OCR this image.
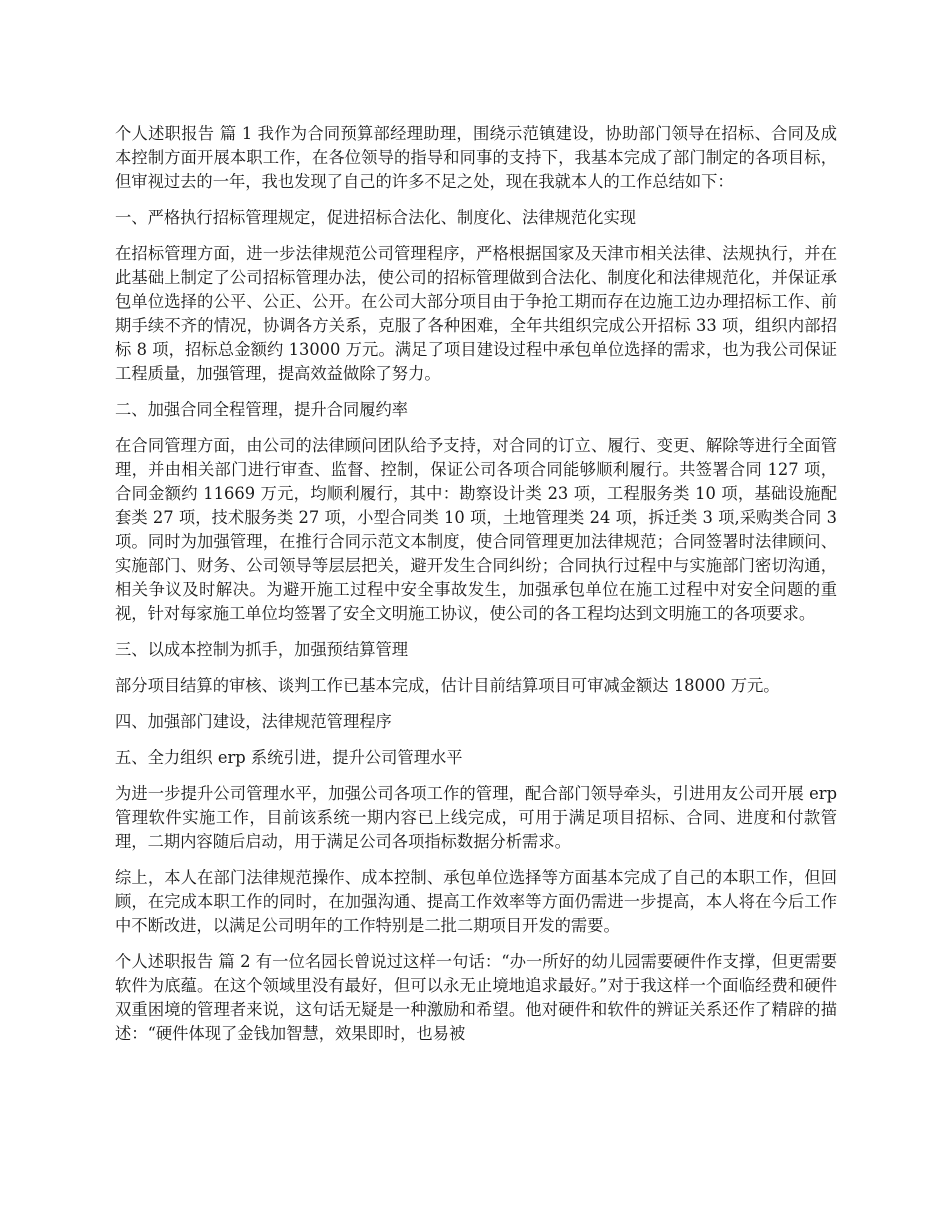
个人述职报告 篇 1 我作为合同预算部经理助理，围绕示范镇建设，协助部门领导在招标、合同及成本控制方面开展本职工作，在各位领导的指导和同事的支持下，我基本完成了部门制定的各项目标，但审视过去的一年，我也发现了自己的许多不足之处，现在我就本人的工作总结如下：

一、严格执行招标管理规定，促进招标合法化、制度化、法律规范化实现

在招标管理方面，进一步法律规范公司管理程序，严格根据国家及天津市相关法律、法规执行，并在此基础上制定了公司招标管理办法，使公司的招标管理做到合法化、制度化和法律规范化，并保证承包单位选择的公平、公正、公开。在公司大部分项目由于争抢工期而存在边施工边办理招标工作、前期手续不齐的情况，协调各方关系，克服了各种困难，全年共组织完成公开招标 33 项，组织内部招标 8 项，招标总金额约 13000 万元。满足了项目建设过程中承包单位选择的需求，也为我公司保证工程质量，加强管理，提高效益做除了努力。

二、加强合同全程管理，提升合同履约率

在合同管理方面，由公司的法律顾问团队给予支持，对合同的订立、履行、变更、解除等进行全面管理，并由相关部门进行审查、监督、控制，保证公司各项合同能够顺利履行。共签署合同 127 项，合同金额约 11669 万元，均顺利履行，其中：勘察设计类 23 项，工程服务类 10 项，基础设施配套类 27 项，技术服务类 27 项，小型合同类 10 项，土地管理类 24 项，拆迁类 3 项,采购类合同 3 项。同时为加强管理，在推行合同示范文本制度，使合同管理更加法律规范；合同签署时法律顾问、实施部门、财务、公司领导等层层把关，避开发生合同纠纷；合同执行过程中与实施部门密切沟通，相关争议及时解决。为避开施工过程中安全事故发生，加强承包单位在施工过程中对安全问题的重视，针对每家施工单位均签署了安全文明施工协议，使公司的各工程均达到文明施工的各项要求。

三、以成本控制为抓手，加强预结算管理

部分项目结算的审核、谈判工作已基本完成，估计目前结算项目可审减金额达 18000 万元。

四、加强部门建设，法律规范管理程序

五、全力组织 erp 系统引进，提升公司管理水平

为进一步提升公司管理水平，加强公司各项工作的管理，配合部门领导牵头，引进用友公司开展 erp 管理软件实施工作，目前该系统一期内容已上线完成，可用于满足项目招标、合同、进度和付款管理，二期内容随后启动，用于满足公司各项指标数据分析需求。

综上，本人在部门法律规范操作、成本控制、承包单位选择等方面基本完成了自己的本职工作，但回顾，在完成本职工作的同时，在加强沟通、提高工作效率等方面仍需进一步提高，本人将在今后工作中不断改进，以满足公司明年的工作特别是二批二期项目开发的需要。

个人述职报告 篇 2 有一位名园长曾说过这样一句话：“办一所好的幼儿园需要硬件作支撑，但更需要软件为底蕴。在这个领域里没有最好，但可以永无止境地追求最好。”对于我这样一个面临经费和硬件双重困境的管理者来说，这句话无疑是一种激励和希望。他对硬件和软件的辨证关系还作了精辟的描述：“硬件体现了金钱加智慧，效果即时，也易被
